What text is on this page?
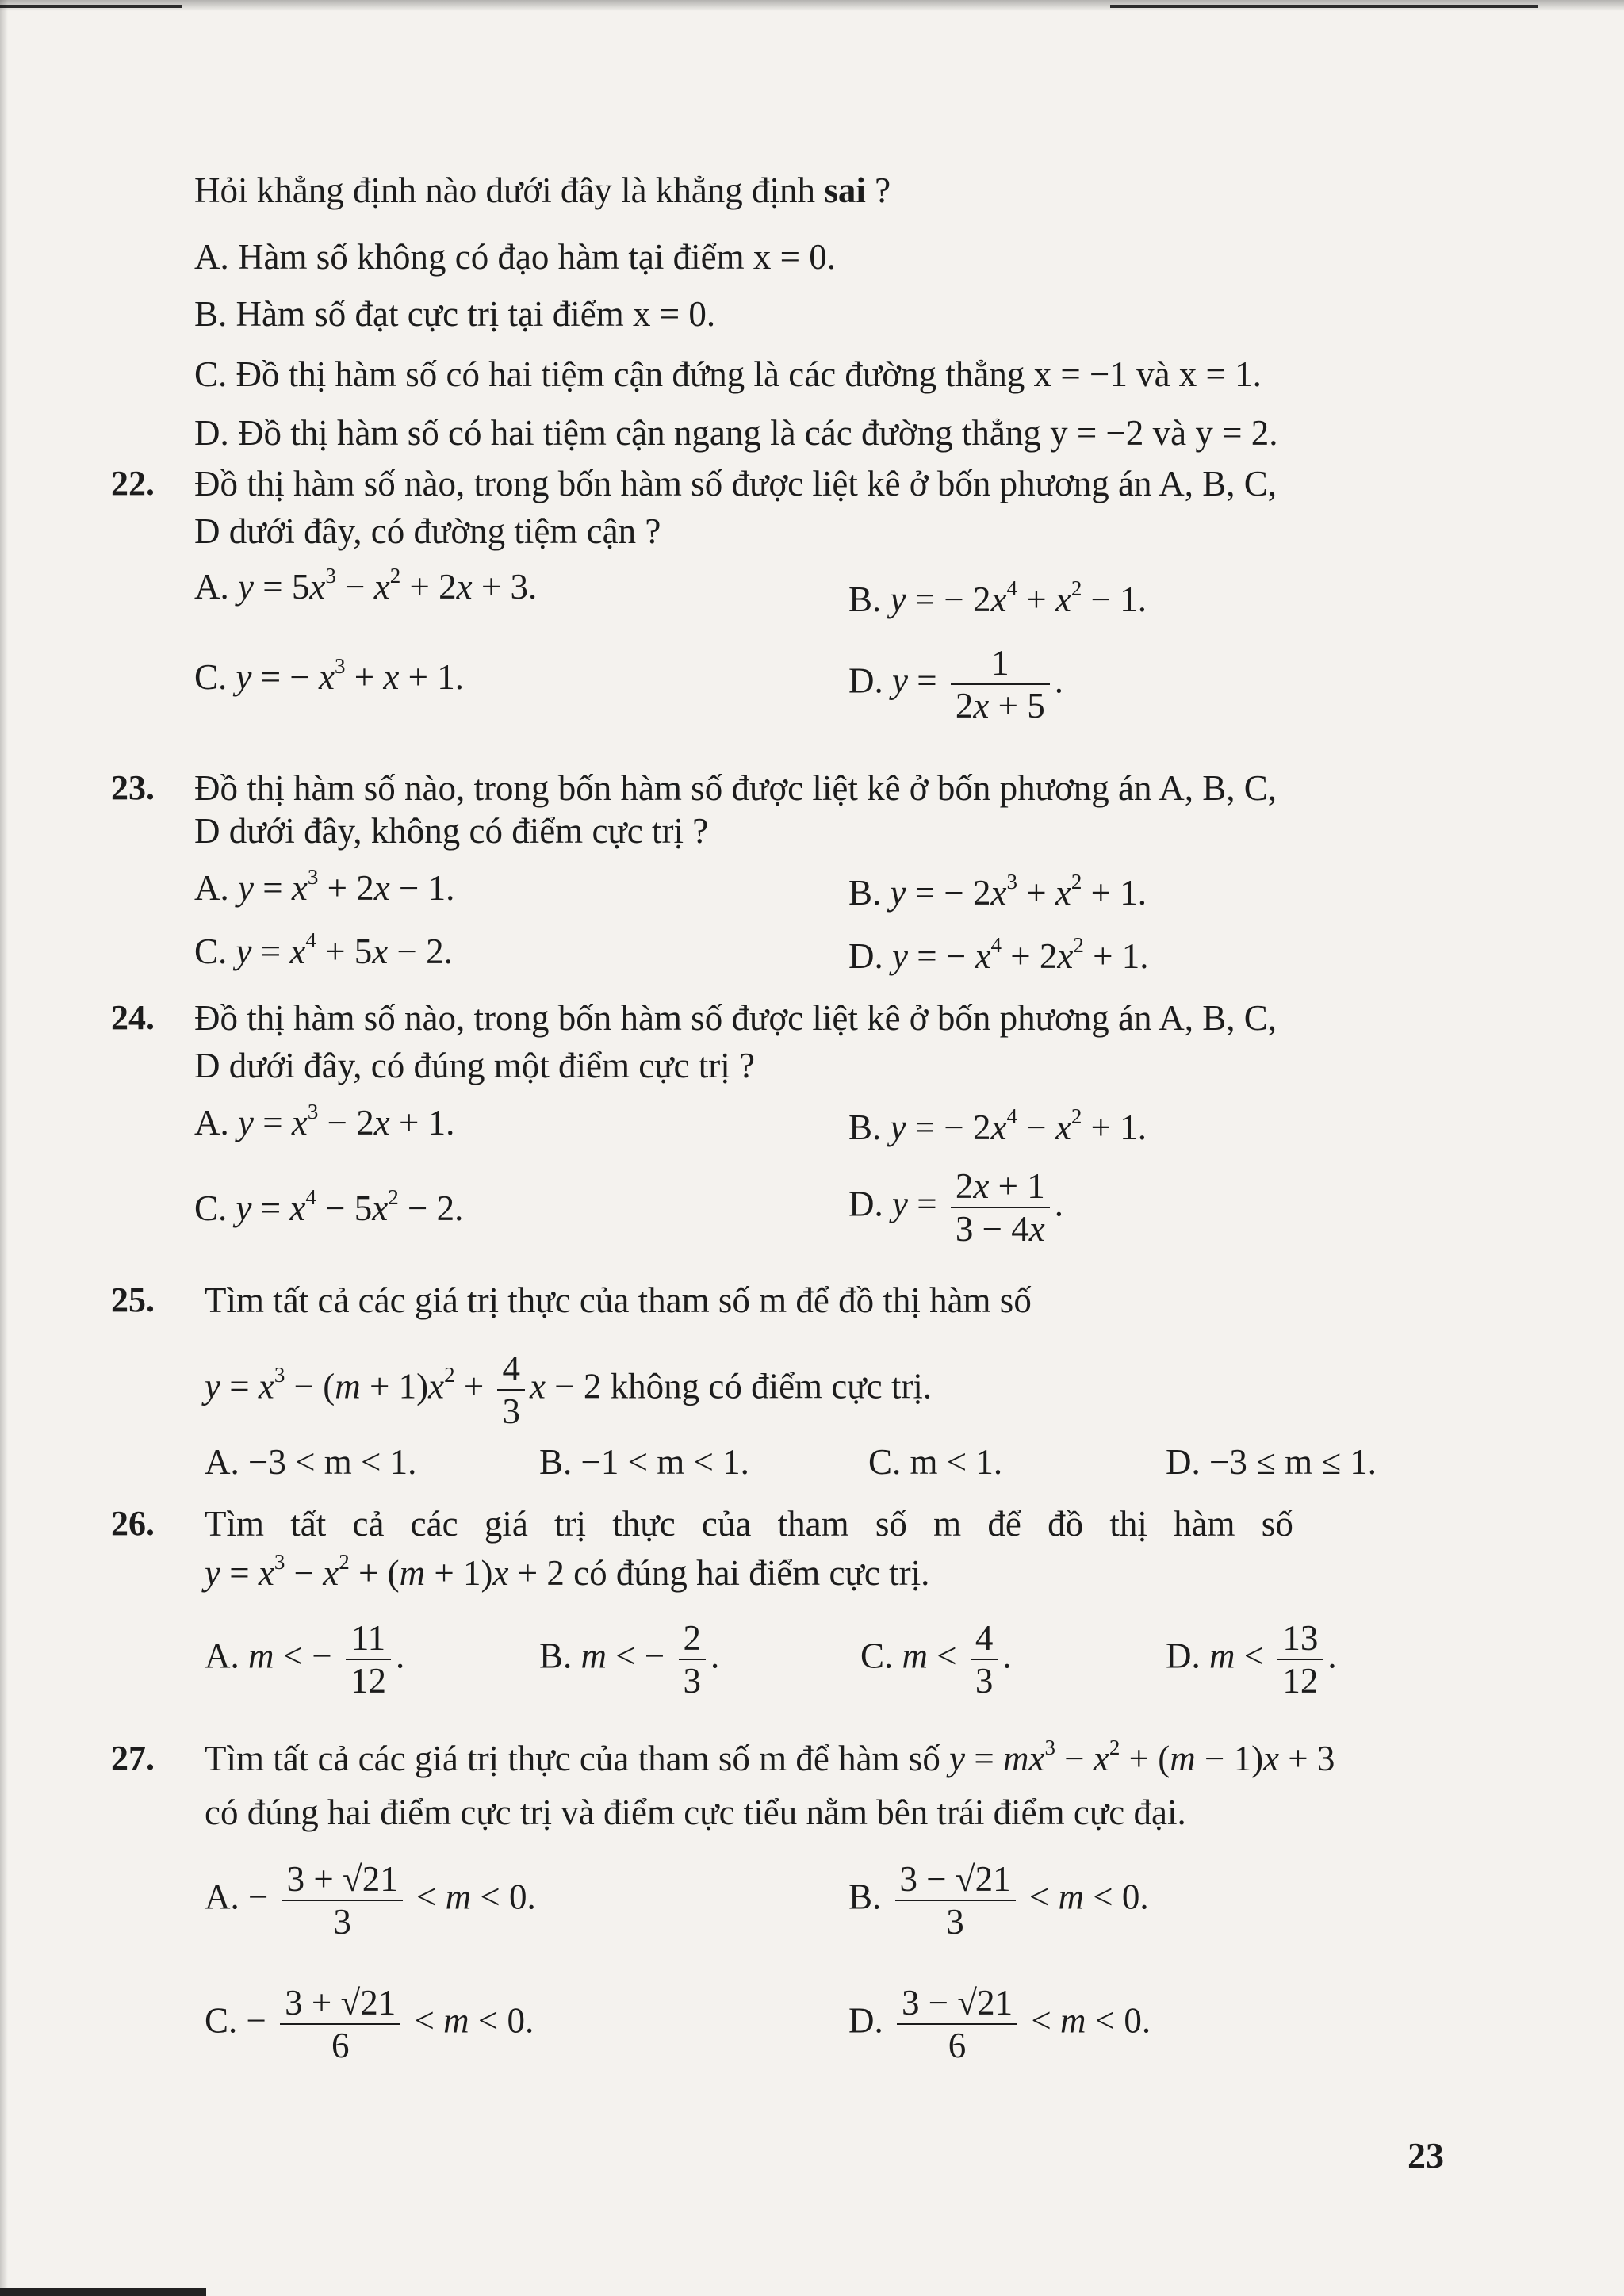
Hỏi khẳng định nào dưới đây là khẳng định sai ?
A. Hàm số không có đạo hàm tại điểm x = 0.
B. Hàm số đạt cực trị tại điểm x = 0.
C. Đồ thị hàm số có hai tiệm cận đứng là các đường thẳng x = −1 và x = 1.
D. Đồ thị hàm số có hai tiệm cận ngang là các đường thẳng y = −2 và y = 2.
22. Đồ thị hàm số nào, trong bốn hàm số được liệt kê ở bốn phương án A, B, C,
D dưới đây, có đường tiệm cận ?
A. $y = 5x^3 - x^2 + 2x + 3$.	B. y = − $2x^4 + x^2 - 1$.
C. y = − $x^3 + x + 1$.	D. $y = \frac{1}{2x + 5}$ .
23. Đồ thị hàm số nào, trong bốn hàm số được liệt kê ở bốn phương án A, B, C,
D dưới đây, không có điểm cực trị ?
A. $y = x^3 + 2x - 1$.	B. y = − $2x^3 + x^2 + 1$.
C. $y = x^4 + 5x - 2$.	D. y = − $x^4 + 2x^2 + 1$.
24. Đồ thị hàm số nào, trong bốn hàm số được liệt kê ở bốn phương án A, B, C,
D dưới đây, có đúng một điểm cực trị ?
A. $y = x^3 - 2x + 1$.	B. y = − $2x^4 - x^2 + 1$.
C. $y = x^4 - 5x^2 - 2$.	D. $y = \frac{2x + 1}{3 - 4x}$ .
25. Tìm tất cả các giá trị thực của tham số m để đồ thị hàm số
$y = x^3 - (m + 1)x^2 + \frac{4}{3}$ x − 2 không có điểm cực trị.
A. −3 < m < 1.	B. −1 < m < 1.	C. m < 1.	D. −3 ≤ m ≤ 1.
26. Tìm tất cả các giá trị thực của tham số m để đồ thị hàm số
$y = x^3 - x^2 + (m + 1)x + 2$ có đúng hai điểm cực trị.
A. m < − $\frac{11}{12}$ .	B. m < − $\frac{2}{3}$ .	C. $m < \frac{4}{3}$ .	D. $m < \frac{13}{12}$ .
27. Tìm tất cả các giá trị thực của tham số m để hàm số $y = mx^3 - x^2 + (m - 1)x + 3$
có đúng hai điểm cực trị và điểm cực tiểu nằm bên trái điểm cực đại.
A. − $\frac{3 + √21}{3} < m < 0$.	B. $\frac{3 - √21}{3} < m < 0$.
C. − $\frac{3 + √21}{6} < m < 0$.	D. $\frac{3 - √21}{6} < m < 0$.
23
